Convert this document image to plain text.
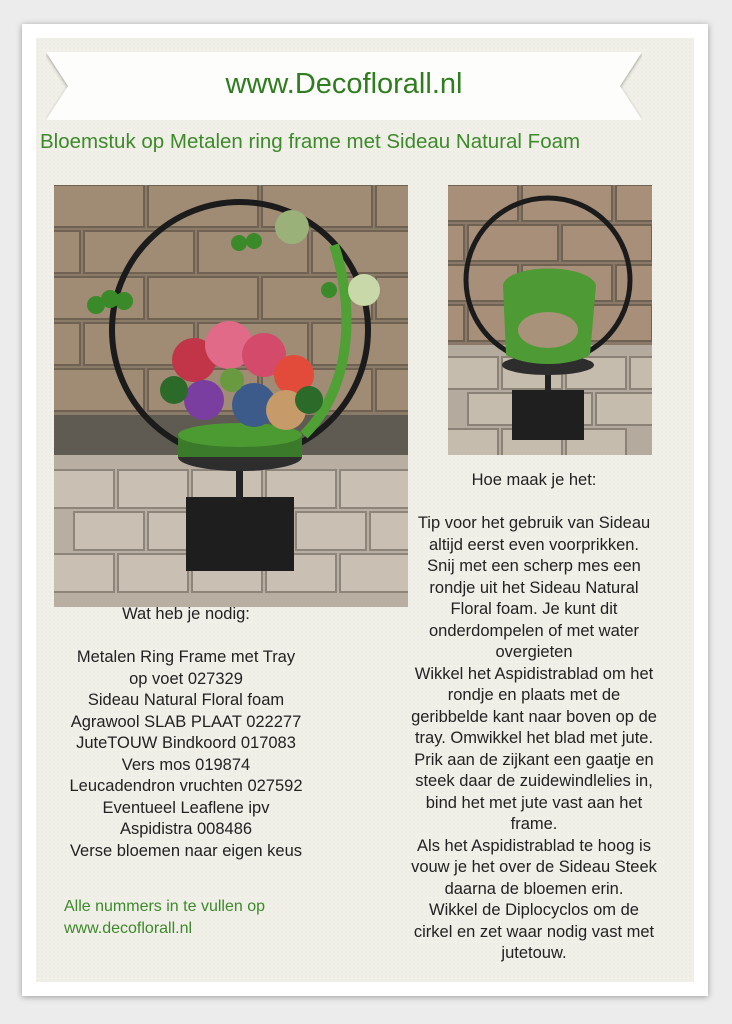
www.Decoflorall.nl
Bloemstuk op Metalen ring frame met Sideau Natural Foam
Wat heb je nodig:
Metalen Ring Frame met Tray
op voet 027329
Sideau Natural Floral foam
Agrawool SLAB PLAAT 022277
JuteTOUW Bindkoord 017083
Vers mos 019874
Leucadendron vruchten 027592
Eventueel Leaflene ipv
Aspidistra 008486
Verse bloemen naar eigen keus
Hoe maak je het:
Tip voor het gebruik van Sideau
altijd eerst even voorprikken.
Snij met een scherp mes een
rondje uit het Sideau Natural
Floral foam. Je kunt dit
onderdompelen of met water
overgieten
Wikkel het Aspidistrablad om het
rondje en plaats met de
geribbelde kant naar boven op de
tray. Omwikkel het blad met jute.
Prik aan de zijkant een gaatje en
steek daar de zuidewindlelies in,
bind het met jute vast aan het
frame.
Als het Aspidistrablad te hoog is
vouw je het over de Sideau Steek
daarna de bloemen erin.
Wikkel de Diplocyclos om de
cirkel en zet waar nodig vast met
jutetouw.
Alle nummers in te vullen op
www.decoflorall.nl
